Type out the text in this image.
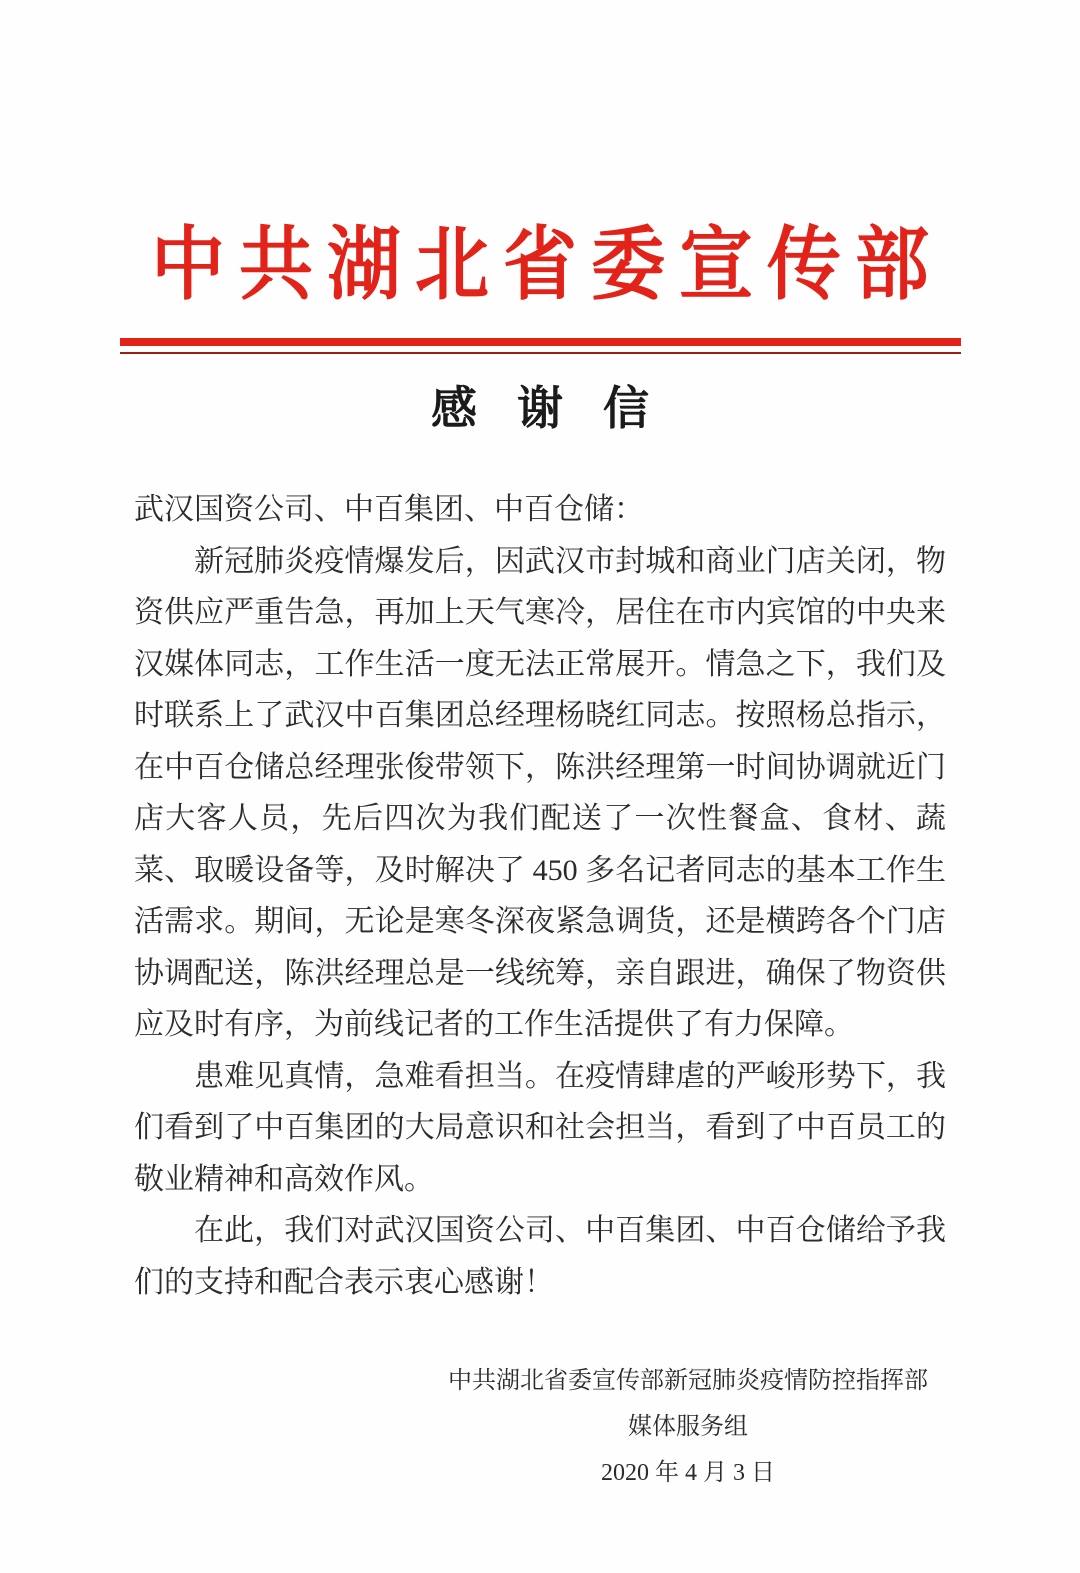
中共湖北省委宣传部
感谢信

武汉国资公司、中百集团、中百仓储：

新冠肺炎疫情爆发后，因武汉市封城和商业门店关闭，物资供应严重告急，再加上天气寒冷，居住在市内宾馆的中央来汉媒体同志，工作生活一度无法正常展开。情急之下，我们及时联系上了武汉中百集团总经理杨晓红同志。按照杨总指示，在中百仓储总经理张俊带领下，陈洪经理第一时间协调就近门店大客人员，先后四次为我们配送了一次性餐盒、食材、蔬菜、取暖设备等，及时解决了 450 多名记者同志的基本工作生活需求。期间，无论是寒冬深夜紧急调货，还是横跨各个门店协调配送，陈洪经理总是一线统筹，亲自跟进，确保了物资供应及时有序，为前线记者的工作生活提供了有力保障。

患难见真情，急难看担当。在疫情肆虐的严峻形势下，我们看到了中百集团的大局意识和社会担当，看到了中百员工的敬业精神和高效作风。

在此，我们对武汉国资公司、中百集团、中百仓储给予我们的支持和配合表示衷心感谢！

中共湖北省委宣传部新冠肺炎疫情防控指挥部
媒体服务组
2020 年 4 月 3 日
